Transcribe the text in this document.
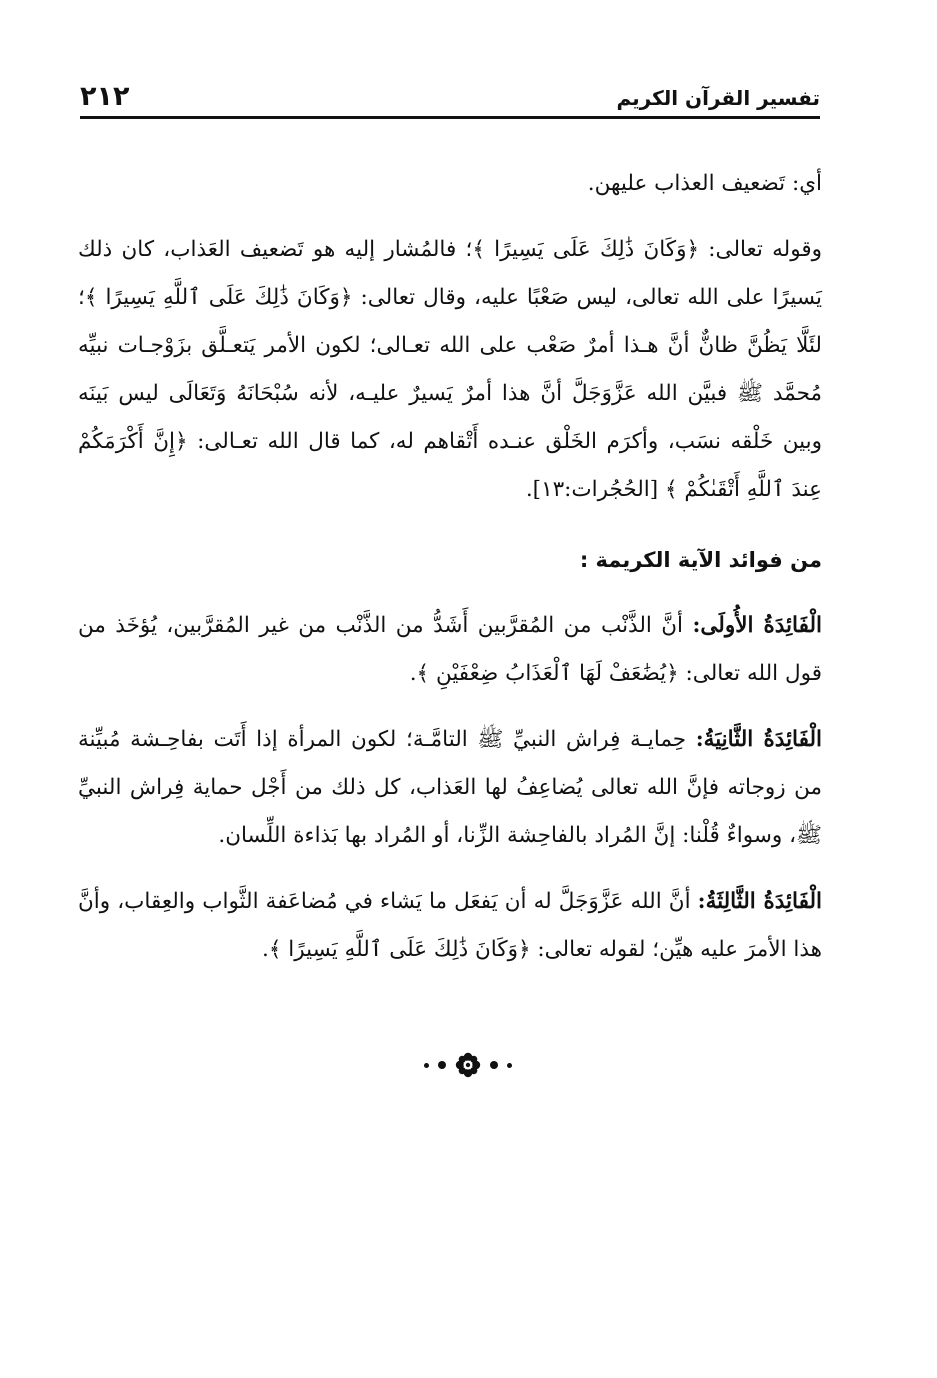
٢١٢	تفسير القرآن الكريم

أي: تَضعيف العذاب عليهن.

وقوله تعالى: ﴿وَكَانَ ذَٰلِكَ عَلَى يَسِيرًا ﴾؛ فالمُشار إليه هو تَضعيف العَذاب، كان ذلك يَسيرًا على الله تعالى، ليس صَعْبًا عليه، وقال تعالى: ﴿وَكَانَ ذَٰلِكَ عَلَى ٱللَّهِ يَسِيرًا ﴾؛ لئَلَّا يَظُنَّ ظانٌّ أنَّ هـذا أمرٌ صَعْب على الله تعـالى؛ لكون الأمر يَتعـلَّق بزَوْجـات نبيِّه مُحمَّد ﷺ فبيَّن الله عَزَّوَجَلَّ أنَّ هذا أمرٌ يَسيرٌ عليـه، لأنه سُبْحَانَهُ وَتَعَالَى ليس بَينَه وبين خَلْقه نسَب، وأكرَم الخَلْق عنـده أَتْقاهم له، كما قال الله تعـالى: ﴿إِنَّ أَكْرَمَكُمْ عِندَ ٱللَّهِ أَتْقَىٰكُمْ ﴾ [الحُجُرات:١٣].

من فوائد الآية الكريمة :

الْفَائِدَةُ الأُولَى: أنَّ الذَّنْب من المُقرَّبين أَشَدُّ من الذَّنْب من غير المُقرَّبين، يُؤخَذ من قول الله تعالى: ﴿يُضَٰعَفْ لَهَا ٱلْعَذَابُ ضِعْفَيْنِ ﴾.

الْفَائِدَةُ الثَّانِيَةُ: حِمايـة فِراش النبيِّ ﷺ التامَّـة؛ لكون المرأة إذا أَتَت بفاحِـشة مُبيِّنة من زوجاته فإنَّ الله تعالى يُضاعِفُ لها العَذاب، كل ذلك من أَجْل حماية فِراش النبيِّ ﷺ، وسواءٌ قُلْنا: إنَّ المُراد بالفاحِشة الزِّنا، أو المُراد بها بَذاءة اللِّسان.

الْفَائِدَةُ الثَّالِثَةُ: أنَّ الله عَزَّوَجَلَّ له أن يَفعَل ما يَشاء في مُضاعَفة الثَّواب والعِقاب، وأنَّ هذا الأمرَ عليه هيِّن؛ لقوله تعالى: ﴿وَكَانَ ذَٰلِكَ عَلَى ٱللَّهِ يَسِيرًا ﴾.
